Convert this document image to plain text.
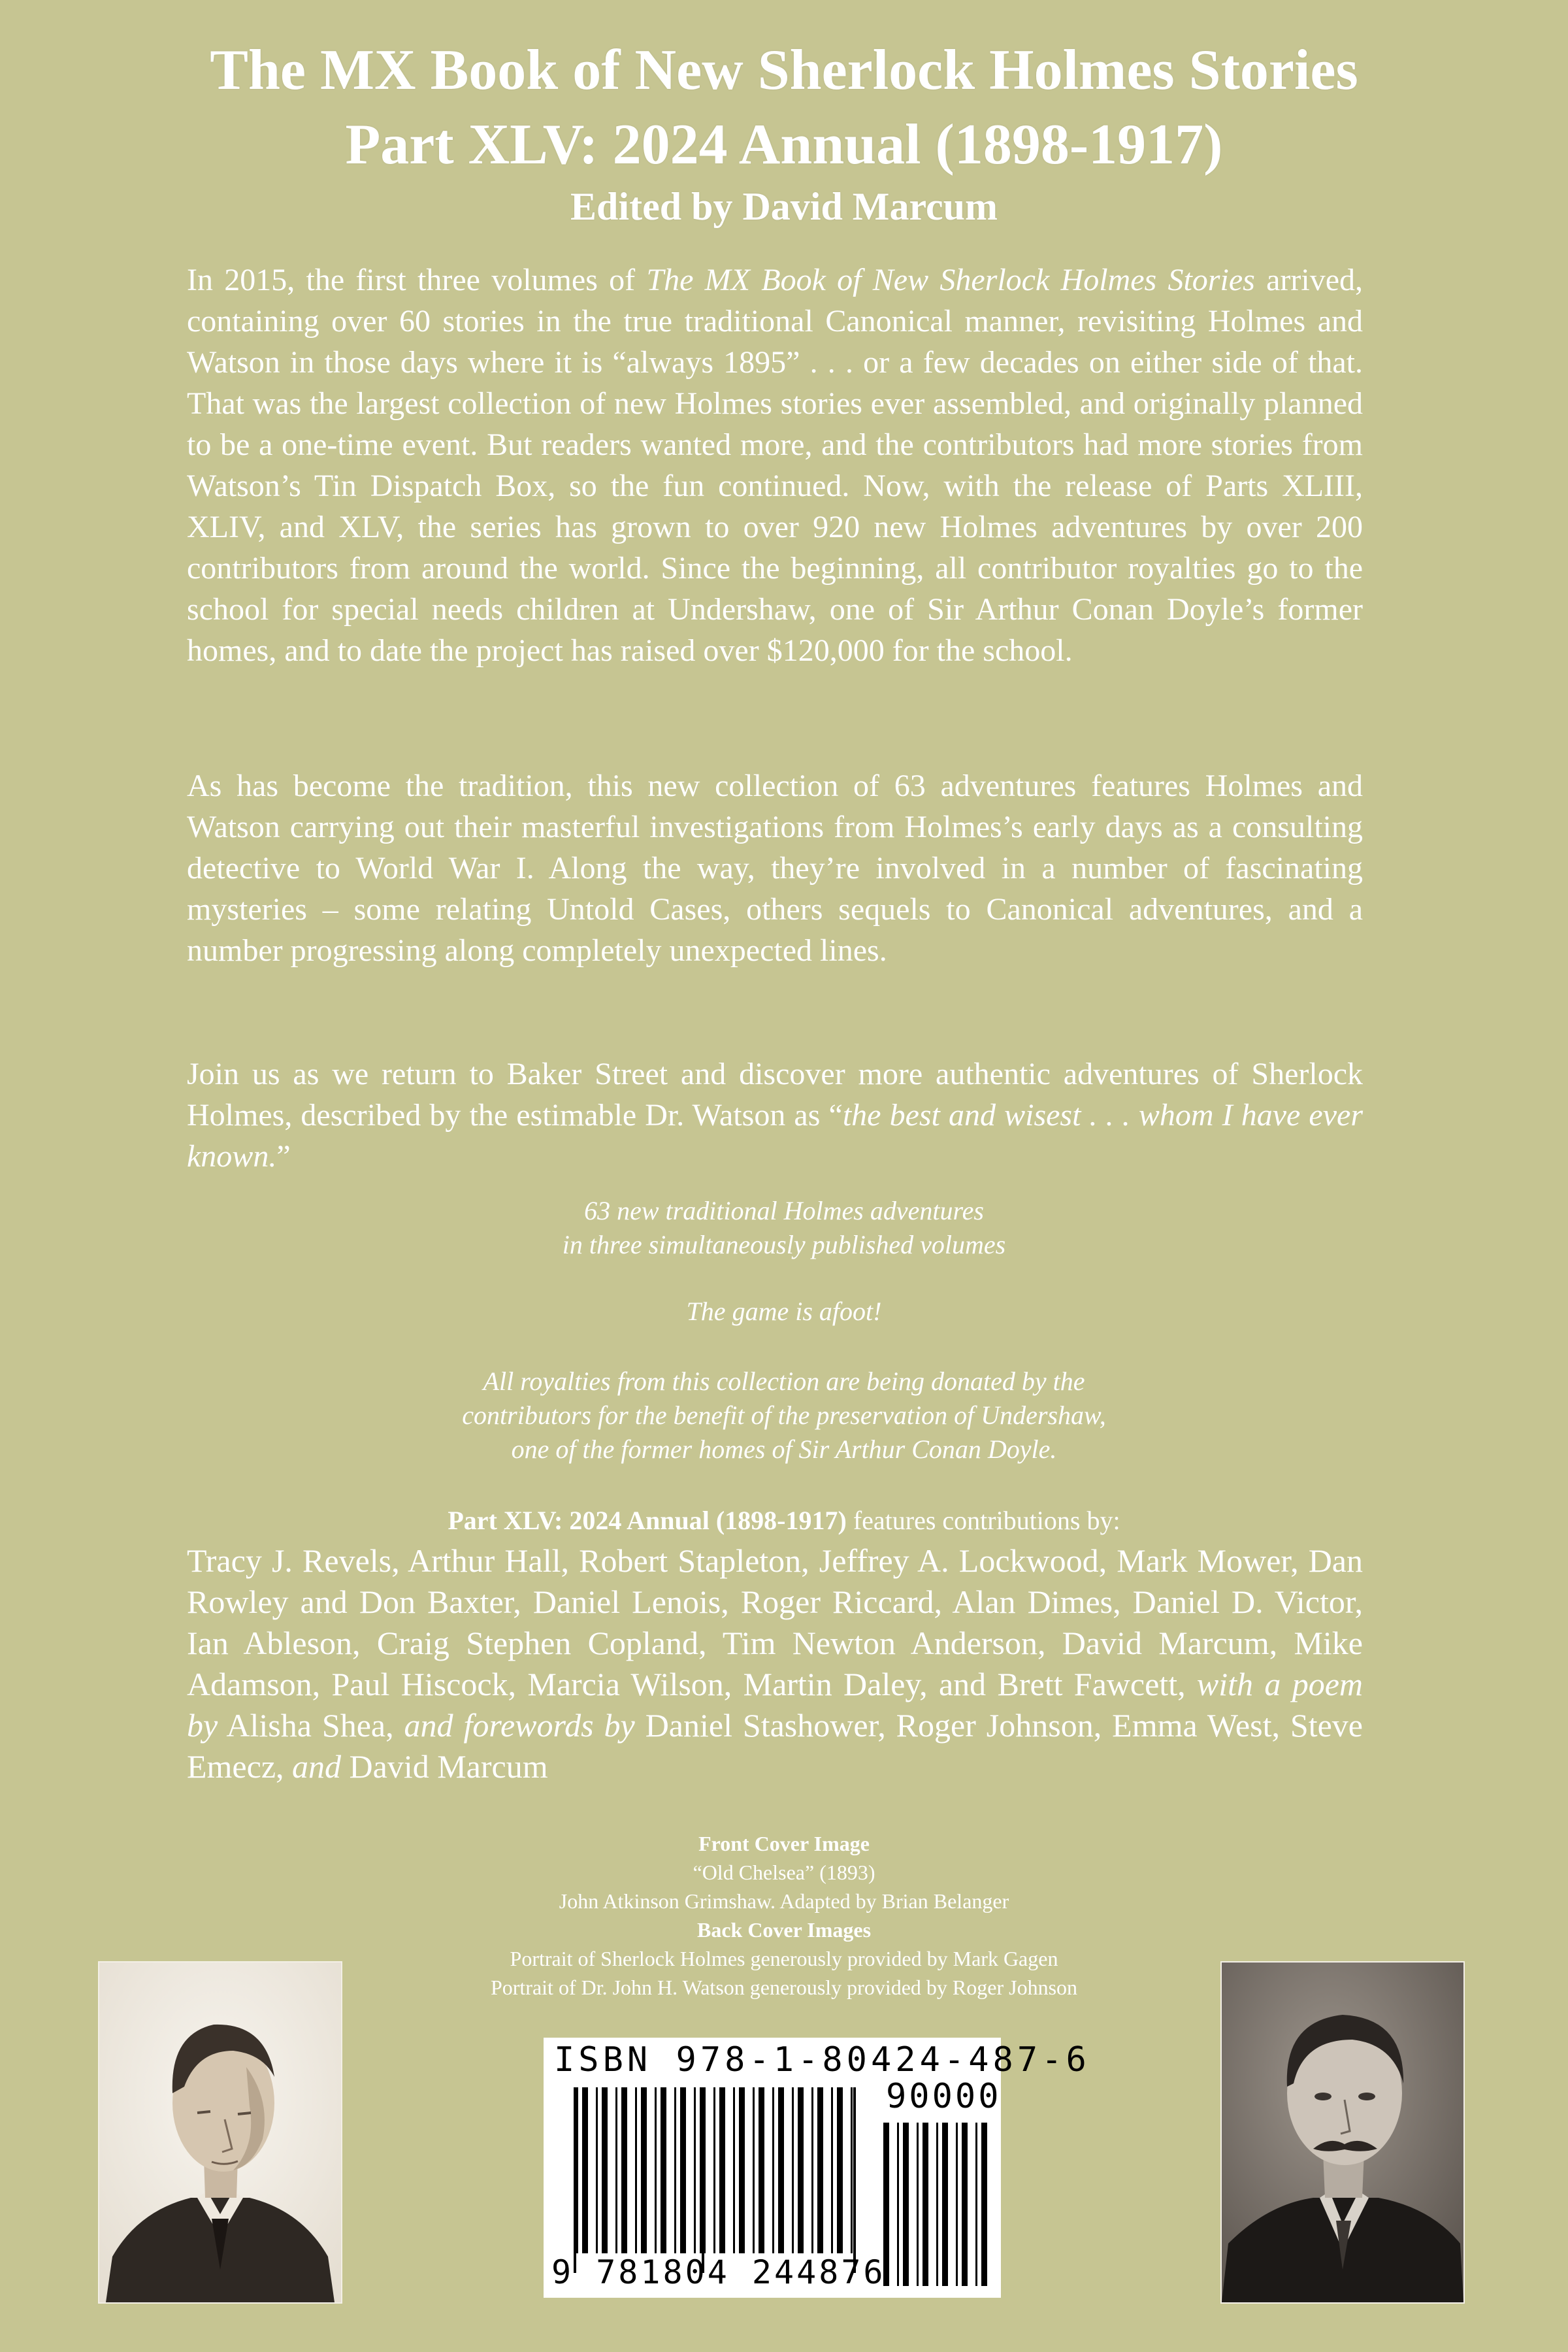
The MX Book of New Sherlock Holmes Stories
Part XLV: 2024 Annual (1898-1917)
Edited by David Marcum
In 2015, the first three volumes of The MX Book of New Sherlock Holmes Stories arrived, containing over 60 stories in the true traditional Canonical manner, revisiting Holmes and Watson in those days where it is “always 1895” . . . or a few decades on either side of that. That was the largest collection of new Holmes stories ever assembled, and originally planned to be a one-time event. But readers wanted more, and the contributors had more stories from Watson’s Tin Dispatch Box, so the fun continued. Now, with the release of Parts XLIII, XLIV, and XLV, the series has grown to over 920 new Holmes adventures by over 200 contributors from around the world. Since the beginning, all contributor royalties go to the school for special needs children at Undershaw, one of Sir Arthur Conan Doyle’s former homes, and to date the project has raised over $120,000 for the school.
As has become the tradition, this new collection of 63 adventures features Holmes and Watson carrying out their masterful investigations from Holmes’s early days as a consulting detective to World War I. Along the way, they’re involved in a number of fascinating mysteries – some relating Untold Cases, others sequels to Canonical adventures, and a number progressing along completely unexpected lines.
Join us as we return to Baker Street and discover more authentic adventures of Sherlock Holmes, described by the estimable Dr. Watson as “the best and wisest . . . whom I have ever known.”
63 new traditional Holmes adventures
in three simultaneously published volumes
The game is afoot!
All royalties from this collection are being donated by the
contributors for the benefit of the preservation of Undershaw,
one of the former homes of Sir Arthur Conan Doyle.
Part XLV: 2024 Annual (1898-1917) features contributions by:
Tracy J. Revels, Arthur Hall, Robert Stapleton, Jeffrey A. Lockwood, Mark Mower, Dan Rowley and Don Baxter, Daniel Lenois, Roger Riccard, Alan Dimes, Daniel D. Victor, Ian Ableson, Craig Stephen Copland, Tim Newton Anderson, David Marcum, Mike Adamson, Paul Hiscock, Marcia Wilson, Martin Daley, and Brett Fawcett, with a poem by Alisha Shea, and forewords by Daniel Stashower, Roger Johnson, Emma West, Steve Emecz, and David Marcum
Front Cover Image
“Old Chelsea” (1893)
John Atkinson Grimshaw. Adapted by Brian Belanger
Back Cover Images
Portrait of Sherlock Holmes generously provided by Mark Gagen
Portrait of Dr. John H. Watson generously provided by Roger Johnson
ISBN 978-1-80424-487-6
90000
9 781804 244876
